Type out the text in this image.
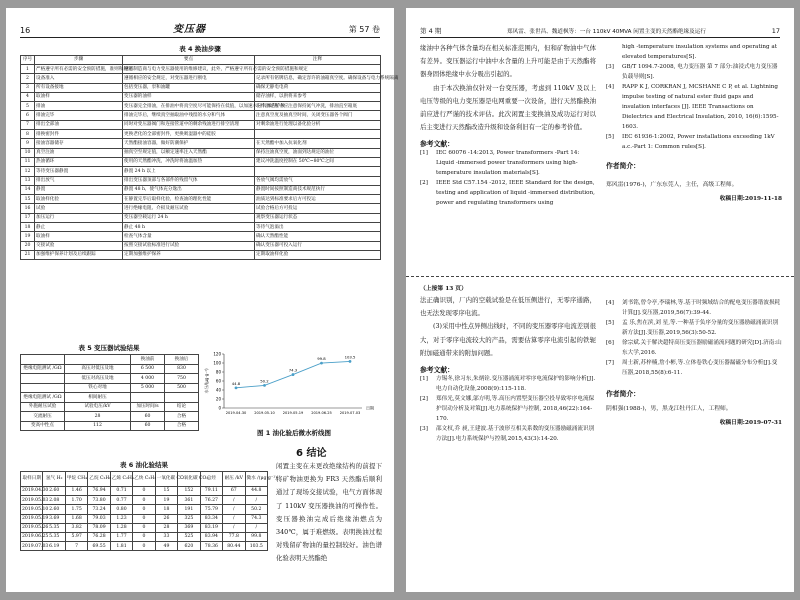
16	变压器	第 57 卷
表 4 换油步骤
序号	步骤	要点	注释
1	严格遵守所有必需的安全预防措施，准则和规定	遵循制造商与电力变压器使用的维修建议，此外，严格遵守所有必需的安全预防措施和规定	
2	设备准入	遵循相应的安全规定，对变压器进行断电	记录所有铭牌信息，确定容许的油箱真空度。确保设备与电力系统隔离
3	所有设备接地	包括变压器，泵和油罐	确保无静电电荷
4	取油样	变压器的油样	储存油样，以供将来参考
5	排油	变压器完全排油，在排油中将真空度尽可能保持在低值，以加速水分气体的扩散	在排油过程中应注意保持氮气冲洗，排油直至箱底
6	排油完毕	排油完毕后，继续真空抽取油中残留的水分和气体	注意真空度及抽真空时间，关闭变压器各个阀门
7	排出全部油	同时对变压器阀门和连接管道中的剩余残油进行排空清理	对剩余油进行处理以备化验分析
8	排换密封件	更换老化的全部密封件，更换吸湿器中的硅胶	
9	接油容器储存	天然酯接油容器，做好防潮保护	在天然酯中加入抗氧化剂
10	真空注油	抽真空至规定值，以额定速率注入天然酯	保持注油真空度，油面到达规定的油位
11	热油循环	使用的天然酯冲洗，冲洗时将油温加热	建议冲洗温度控制在 50℃~80℃之间
12	等待变压器静置	静置 24 h 以上	
13	排出放气	排出变压器顶部与各部件的残留气体	各放气阀均需放气
14	静置	静置 48 h，使气体充分逸出	静置时间按照制造商技术规范执行
15	取油样化验	在静置完毕后取样化验，检查油的理化性能	油质达到标准要求后方可投运
16	试验	进行绝缘电阻、介损及耐压试验	试验合格后方可投运
17	加压运行	变压器空载运行 24 h	观察变压器运行状态
18	静止	静止 48 h	等待气泡溢出
19	取油样	检查气体含量	确认天然酯性能
20	交接试验	按照交接试验标准进行试验	确认变压器可投入运行
21	加强维护保养计划及后续跟踪	定期加强维护保养	定期取油样化验
表 5 变压器试验结果
		换油前	换油后
绝缘电阻测试 /GΩ	高压对低压及地	6 500	830
	低压对高压及地	4 000	750
	铁心对地	5 000	500
绝缘电阻测试 /GΩ	相间耐压		
外施耐压试验	试验电压/kV	加压时间/s	结论
交流耐压	28	60	合格
变高中性点	112	60	合格
0
20
40
60
80
100
120
2019.04.30 2019.05.10 2019.05.19 2019.06.25 2019.07.03
44.8	50.2
74.3
99.8	103.5
水分/(μg·g⁻¹)
日期
图 1 油化验后微水析线图
6 结论
表 6 油化验结果
取样日期	氢气 H₂	甲烷 CH₄	乙烷 C₂H₆	乙烯 C₂H₄	乙炔 C₂H₂	一氧化碳 CO	二氧化碳 CO₂	总烃	耐压 /kV	微水 /(μg·g⁻¹)
2019.04.30	2.60	1.46	76.94	0.71	0	15	152	79.11	67	44.8
2019.05.03	2.08	1.70	73.80	0.77	0	19	361	76.27	/	/
2019.05.10	2.60	1.75	73.24	0.80	0	18	191	75.79	/	50.2
2019.05.19	3.69	1.68	79.03	1.23	0	26	325	83.34	/	74.3
2019.05.26	5.35	3.82	78.09	1.28	0	28	369	83.19	/	/
2019.06.25	5.35	5.97	76.28	1.77	0	33	525	83.94	77.8	99.8
2019.07.03	6.19	7	69.55	1.81	0	49	620	78.36	80.44	103.5
闲置主变在未更改绝缘结构的前提下将矿物油更换为 FR3 天然酯后顺利通过了现场交接试验，电气方面体现了 110kV 变压器换油的可操作性。变压器换油完成后绝缘油燃点为 340℃，属于难燃级。表明换油过程对残留矿物油的量控制较好。油色谱化验表明天然酯绝
第 4 期	郑风雷、张世昌、魏道枫等：一台 110kV 40MVA 闲置主变的天然酯绝缘及运行	17
缘油中各种气体含量均在相关标准范围内，但和矿物油中气体有差异。变压器运行中油中水含量的上升可能是由于天然酯将器身固体绝缘中水分吸出引起的。
由于本次换油仅针对一台变压器，考虑到 110kV 及以上电压等级的电力变压器是电网重要一次设备，进行天然酯换油前应进行严谨的技术评估。此次闲置主变换油及成功运行对以后主变进行天然酯改造升级和设备利旧有一定的参考价值。
参考文献：
[1]	IEC 60076 -14:2013, Power transformers -Part 14: Liquid -immersed power transformers using high-temperature insulation materials[S].
[2]	IEEE Std C57.154 -2012, IEEE Standard for the design, testing and application of liquid -immersed distribution, power and regulating transformers using
high -temperature insulation systems and operating at elevated temperatures[S].
[3]	GB/T 1094.7-2008, 电力变压器 第 7 部分:油浸式电力变压器负载导则[S].
[4]	RAPP K J, CORKRAN J, MCSHANE C P, et al. Lightning impulse testing of natural ester fluid gaps and insulation interfaces [J]. IEEE Transactions on Dielectrics and Electrical Insulation, 2010, 16(6):1595-1603.
[5]	IEC 61936-1:2002, Power installations exceeding 1kV a.c.-Part 1: Common rules[S].
作者简介：
郑风雷(1976-)，广东东莞人，主任，高级工程师。
收稿日期:2019-11-18
（上接第 13 页）
法正确识别，厂内的空载试验是在低压侧进行，无零序通路，也无法发现零序电流。
(3)采用中性点异侧出线时，不同的变压器零序电流差别很大，对于零序电流较大的产品，需要估算零序电流引起的铁轭附加磁通带来的附加问题。
参考文献：
[1]	方锡冬,徐习东,朱炳铨.变压器涌流对零序电流保护的影响分析[J].电力自动化设备,2008(9):115-118.
[2]	郑伟光,莫文娜,邬方明,等.高压内置型变压器空投导致零序电流保护误动分析及对策[J].电力系统保护与控制, 2018,46(22):164-170.
[3]	邵文权,乔 昶,王建波.基于波形互相关系数的变压器励磁涌流识别方法[J].电力系统保护与控制,2015,43(3):14-20.
[4]	刘书铭,曾令亭,李瑞林,等.基于时频域结合的配电变压器谐波损耗计算[J].变压器,2019,56(7):39-44.
[5]	孟 乐,焦在滨,刘 星,等.一种基于负序分量的变压器励磁涌流识别新方法[J].变压器,2019,56(3):50-52.
[6]	徐宗斌.关于解决超特高压变压器励磁涌流问题的研究[D].济南:山东大学,2016.
[7]	周士新,苏梓楠,詹小彬,等.立体卷铁心变压器漏磁分布分析[J].变压器,2018,55(8):6-11.
作者简介：
阴相强(1988-)，男，黑龙江牡丹江人，工程师。
收稿日期:2019-07-31
